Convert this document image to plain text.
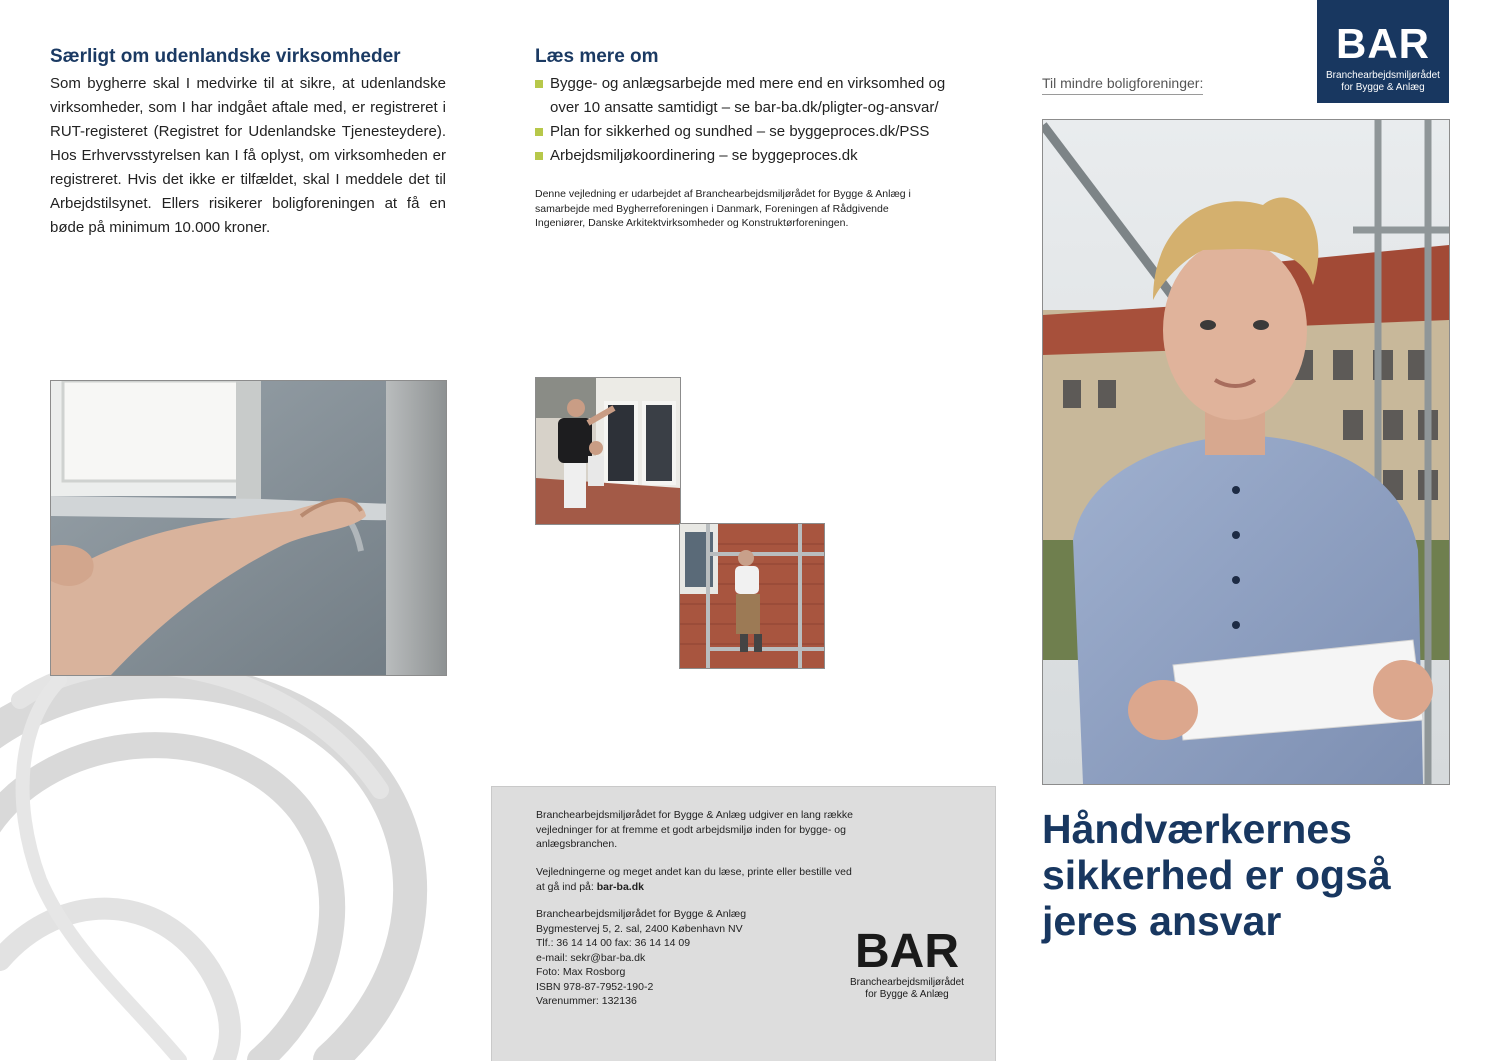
Særligt om udenlandske virksomheder
Som bygherre skal I medvirke til at sikre, at udenlandske virksomheder, som I har indgået aftale med, er registreret i RUT-registeret (Registret for Udenlandske Tjenesteydere). Hos Erhvervsstyrelsen kan I få oplyst, om virksomheden er registreret. Hvis det ikke er tilfældet, skal I meddele det til Arbejdstilsynet. Ellers risikerer boligforeningen at få en bøde på minimum 10.000 kroner.
Læs mere om
Bygge- og anlægsarbejde med mere end en virksomhed og over 10 ansatte samtidigt – se bar-ba.dk/pligter-og-ansvar/
Plan for sikkerhed og sundhed – se byggeproces.dk/PSS
Arbejdsmiljøkoordinering – se byggeproces.dk
Denne vejledning er udarbejdet af Branchearbejdsmiljørådet for Bygge & Anlæg i samarbejde med Bygherreforeningen i Danmark, Foreningen af Rådgivende Ingeniører, Danske Arkitektvirksomheder og Konstruktørforeningen.
BAR
Branchearbejdsmiljørådet
for Bygge & Anlæg
Til mindre boligforeninger:
Håndværkernes
sikkerhed er også
jeres ansvar
Branchearbejdsmiljørådet for Bygge & Anlæg udgiver en lang række vejledninger for at fremme et godt arbejdsmiljø inden for bygge- og anlægsbranchen.
Vejledningerne og meget andet kan du læse, printe eller bestille ved at gå ind på: bar-ba.dk
Branchearbejdsmiljørådet for Bygge & Anlæg
Bygmestervej 5, 2. sal, 2400 København NV
Tlf.: 36 14 14 00 fax: 36 14 14 09
e-mail: sekr@bar-ba.dk
Foto: Max Rosborg
ISBN 978-87-7952-190-2
Varenummer: 132136
BAR
Branchearbejdsmiljørådet
for Bygge & Anlæg
